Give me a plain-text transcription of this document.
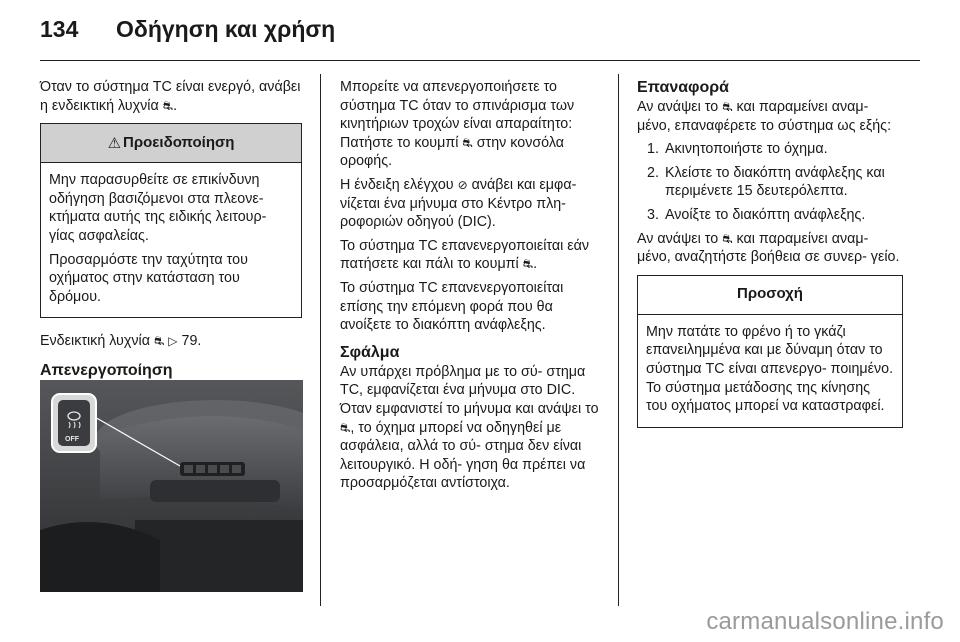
134	Οδήγηση και χρήση

Όταν το σύστημα TC είναι ενεργό, ανάβει η ενδεικτική λυχνία ⛐.

⚠ Προειδοποίηση

Μην παρασυρθείτε σε επικίνδυνη οδήγηση βασιζόμενοι στα πλεονε- κτήματα αυτής της ειδικής λειτουρ- γίας ασφαλείας.

Προσαρμόστε την ταχύτητα του οχήματος στην κατάσταση του δρόμου.

Ενδεικτική λυχνία ⛐ ▷ 79.

Απενεργοποίηση
OFF

Μπορείτε να απενεργοποιήσετε το σύστημα TC όταν το σπινάρισμα των κινητήριων τροχών είναι απαραίτητο: Πατήστε το κουμπί ⛐ στην κονσόλα οροφής.

Η ένδειξη ελέγχου ⊘ ανάβει και εμφα- νίζεται ένα μήνυμα στο Κέντρο πλη- ροφοριών οδηγού (DIC).

Το σύστημα TC επανενεργοποιείται εάν πατήσετε και πάλι το κουμπί ⛐.

Το σύστημα TC επανενεργοποιείται επίσης την επόμενη φορά που θα ανοίξετε το διακόπτη ανάφλεξης.

Σφάλμα

Αν υπάρχει πρόβλημα με το σύ- στημα TC, εμφανίζεται ένα μήνυμα στο DIC. Όταν εμφανιστεί το μήνυμα και ανάψει το ⛐, το όχημα μπορεί να οδηγηθεί με ασφάλεια, αλλά το σύ- στημα δεν είναι λειτουργικό. Η οδή- γηση θα πρέπει να προσαρμόζεται αντίστοιχα.

Επαναφορά

Αν ανάψει το ⛐ και παραμείνει αναμ- μένο, επαναφέρετε το σύστημα ως εξής:

1. Ακινητοποιήστε το όχημα.
2. Κλείστε το διακόπτη ανάφλεξης και περιμένετε 15 δευτερόλεπτα.
3. Ανοίξτε το διακόπτη ανάφλεξης.

Αν ανάψει το ⛐ και παραμείνει αναμ- μένο, αναζητήστε βοήθεια σε συνερ- γείο.

Προσοχή

Μην πατάτε το φρένο ή το γκάζι επανειλημμένα και με δύναμη όταν το σύστημα TC είναι απενεργο- ποιημένο. Το σύστημα μετάδοσης της κίνησης του οχήματος μπορεί να καταστραφεί.

carmanualsonline.info
